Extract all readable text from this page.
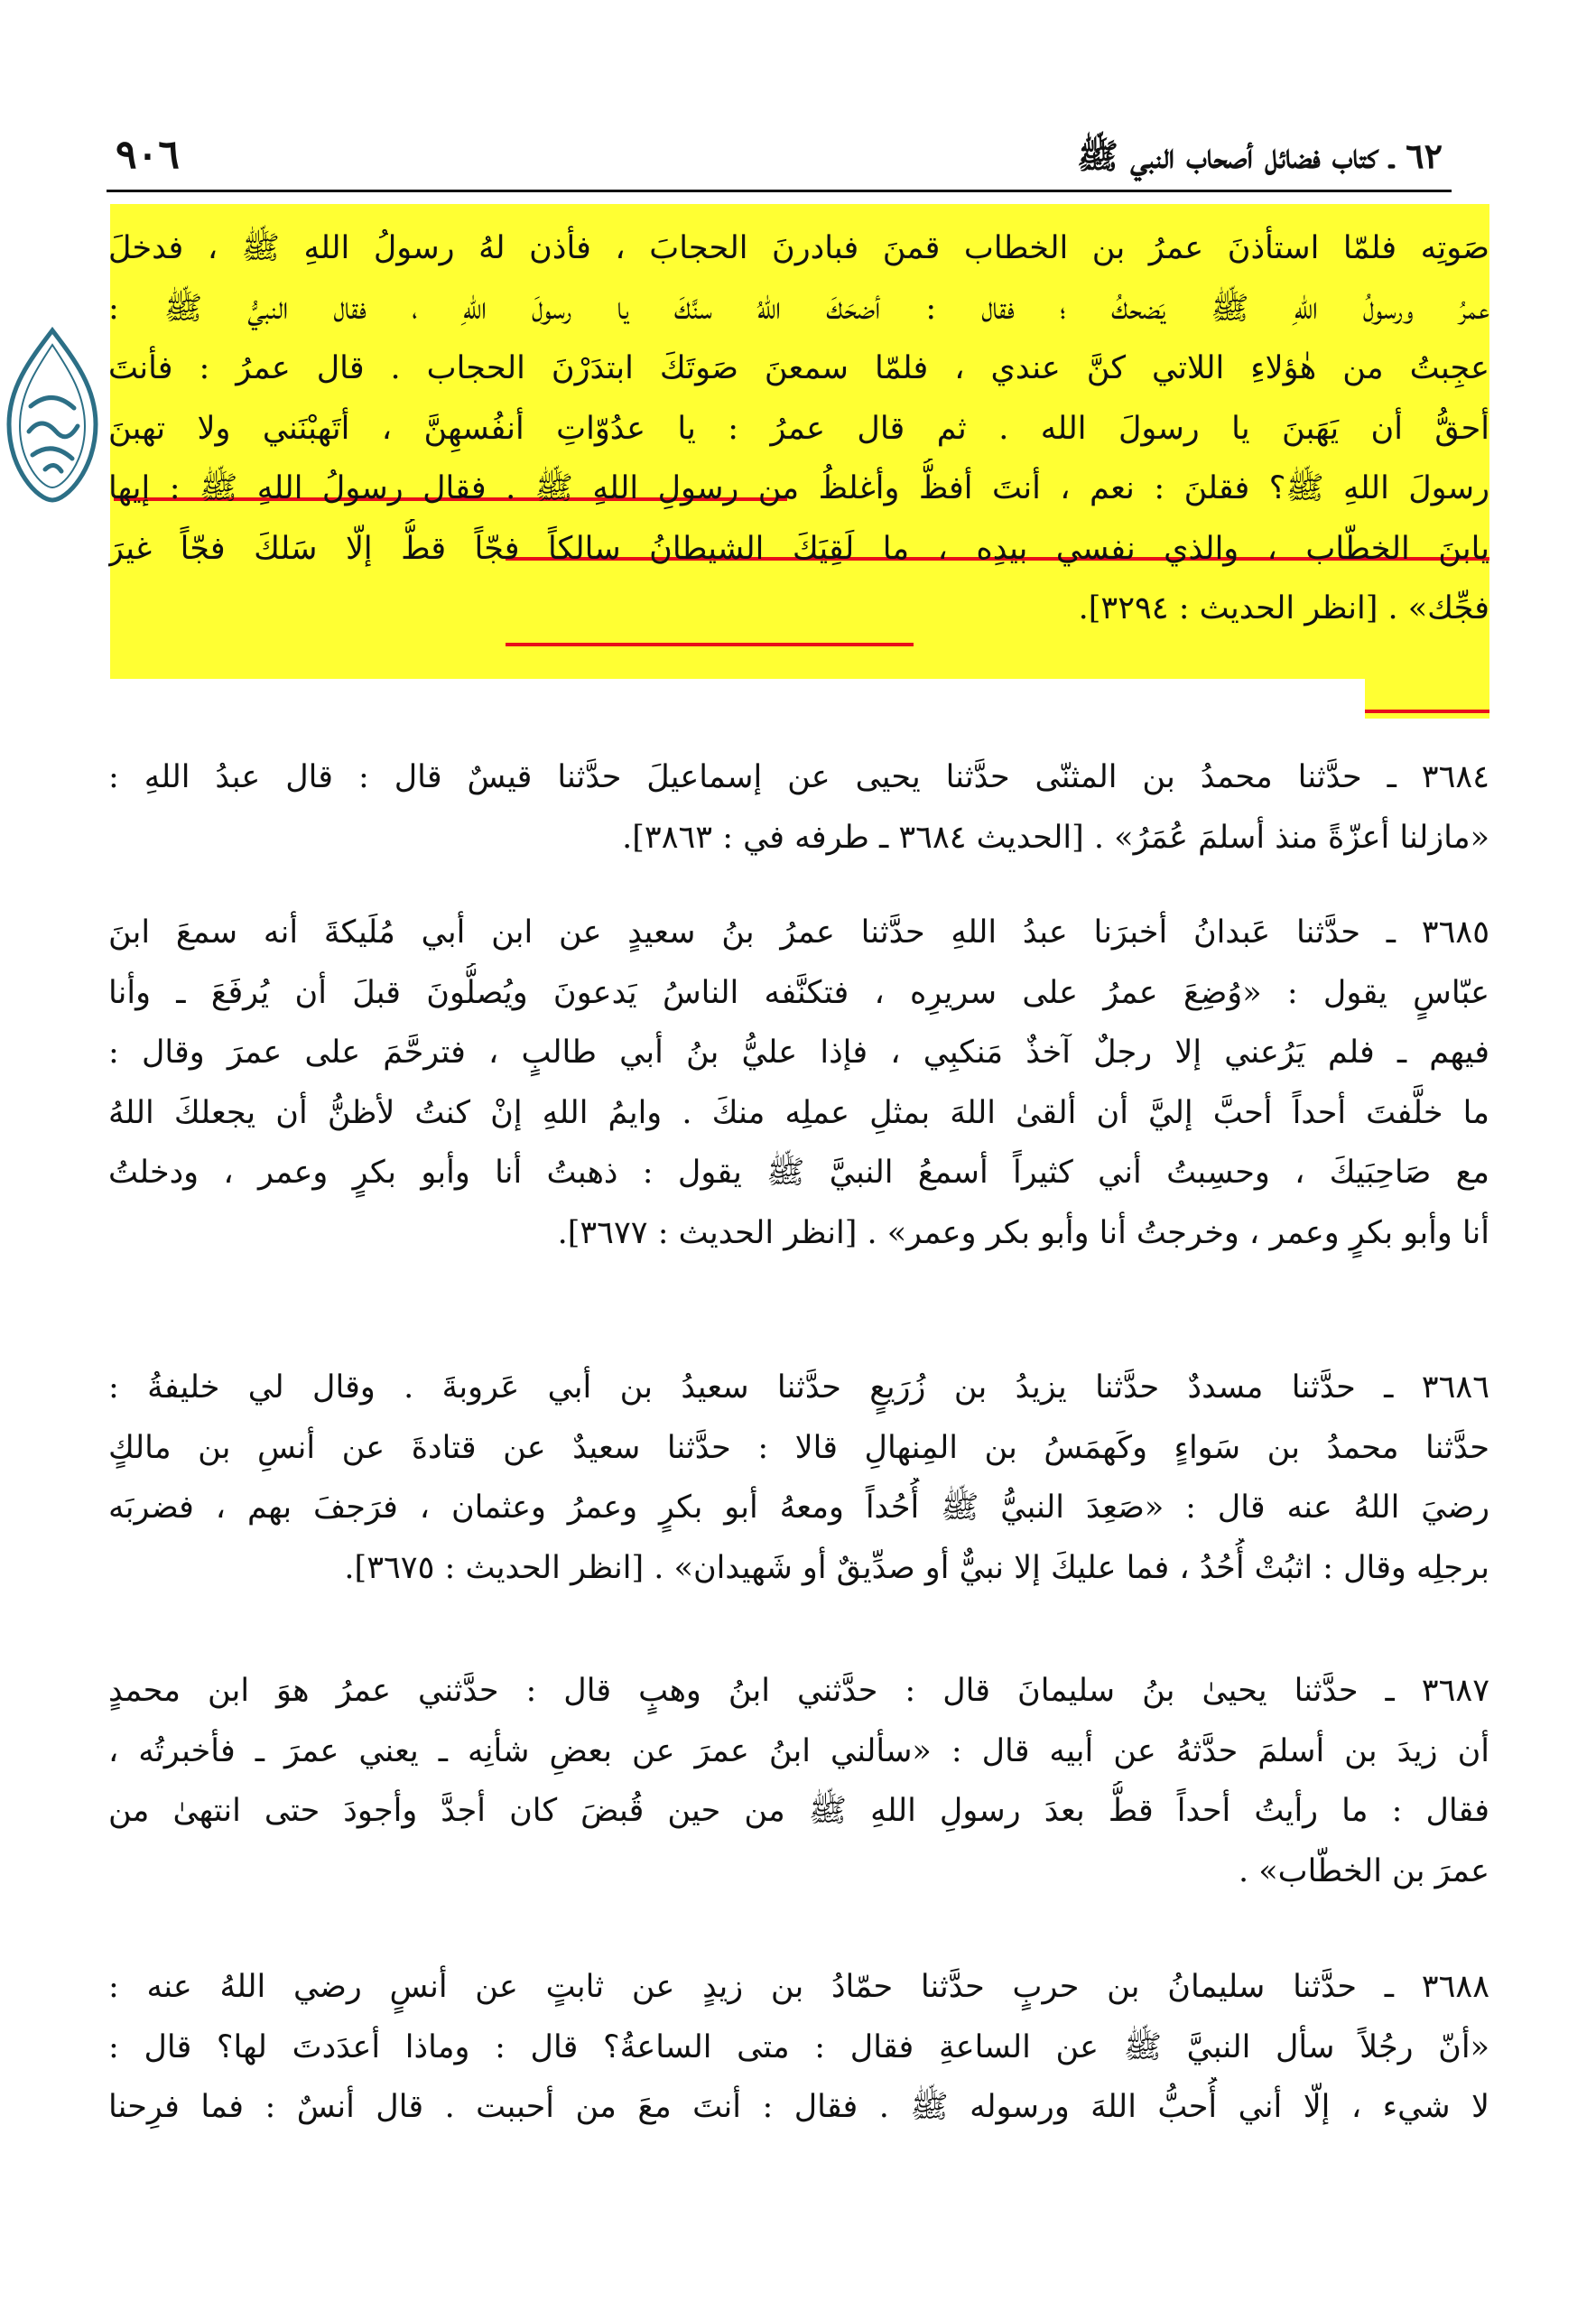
٩٠٦	٦٢ ـ كتاب فضائل أصحاب النبي ﷺ
صَوتِه فلمّا استأذنَ عمرُ بن الخطاب قمنَ فبادرنَ الحجابَ ، فأذن لهُ رسولُ اللهِ ﷺ ، فدخلَ
عمرُ ورسولُ اللهِ ﷺ يَضحكُ ؛ فقال : أضحَكَ اللهُ سنَّكَ يا رسولَ اللهِ ، فقال النبيُّ ﷺ :
عجِبتُ من هٰؤلاءِ اللاتي كنَّ عندي ، فلمّا سمعنَ صَوتَكَ ابتدَرْنَ الحجاب . قال عمرُ : فأنتَ
أحقُّ أن يَهَبنَ يا رسولَ الله . ثم قال عمرُ : يا عدُوّاتِ أنفُسهِنَّ ، أتَهبْنَني ولا تهبنَ
رسولَ اللهِ ﷺ؟ فقلنَ : نعم ، أنتَ أفظُّ وأغلظُ من رسولِ اللهِ ﷺ . فقال رسولُ اللهِ ﷺ : إيها
يابنَ الخطّاب ، والذي نفسي بيدِه ، ما لَقِيَكَ الشيطانُ سالكاً فجّاً قطُّ إلّا سَلكَ فجّاً غيرَ
فجِّك» . [انظر الحديث : ٣٢٩٤].
٣٦٨٤ ـ حدَّثنا محمدُ بن المثنّى حدَّثنا يحيى عن إسماعيلَ حدَّثنا قيسٌ قال : قال عبدُ اللهِ :
«مازلنا أعزّةً منذ أسلمَ عُمَرُ» . [الحديث ٣٦٨٤ ـ طرفه في : ٣٨٦٣].
٣٦٨٥ ـ حدَّثنا عَبدانُ أخبرَنا عبدُ اللهِ حدَّثنا عمرُ بنُ سعيدٍ عن ابن أبي مُلَيكةَ أنه سمعَ ابنَ
عبّاسٍ يقول : «وُضِعَ عمرُ على سريرِه ، فتكنَّفه الناسُ يَدعونَ ويُصلُّونَ قبلَ أن يُرفَعَ ـ وأنا
فيهم ـ فلم يَرُعني إلا رجلٌ آخذٌ مَنكبِي ، فإذا عليُّ بنُ أبي طالبٍ ، فترحَّمَ على عمرَ وقال :
ما خلَّفتَ أحداً أحبَّ إليَّ أن ألقىٰ اللهَ بمثلِ عملِه منكَ . وايمُ اللهِ إنْ كنتُ لأظنُّ أن يجعلكَ اللهُ
مع صَاحِبَيكَ ، وحسِبتُ أني كثيراً أسمعُ النبيَّ ﷺ يقول : ذهبتُ أنا وأبو بكرٍ وعمر ، ودخلتُ
أنا وأبو بكرٍ وعمر ، وخرجتُ أنا وأبو بكر وعمر» . [انظر الحديث : ٣٦٧٧].
٣٦٨٦ ـ حدَّثنا مسددٌ حدَّثنا يزيدُ بن زُرَيعٍ حدَّثنا سعيدُ بن أبي عَروبةَ . وقال لي خليفةُ :
حدَّثنا محمدُ بن سَواءٍ وكَهمَسُ بن المِنهالِ قالا : حدَّثنا سعيدٌ عن قتادةَ عن أنسِ بن مالكٍ
رضيَ اللهُ عنه قال : «صَعِدَ النبيُّ ﷺ أُحُداً ومعهُ أبو بكرٍ وعمرُ وعثمان ، فرَجفَ بهم ، فضربَه
برجلِه وقال : اثبُتْ أُحُدُ ، فما عليكَ إلا نبيٌّ أو صدِّيقٌ أو شَهيدان» . [انظر الحديث : ٣٦٧٥].
٣٦٨٧ ـ حدَّثنا يحيىٰ بنُ سليمانَ قال : حدَّثني ابنُ وهبٍ قال : حدَّثني عمرُ هوَ ابن محمدٍ
أن زيدَ بن أسلمَ حدَّثهُ عن أبيه قال : «سألني ابنُ عمرَ عن بعضِ شأنِه ـ يعني عمرَ ـ فأخبرتُه ،
فقال : ما رأيتُ أحداً قطُّ بعدَ رسولِ اللهِ ﷺ من حين قُبضَ كان أجدَّ وأجودَ حتى انتهىٰ من
عمرَ بن الخطّاب» .
٣٦٨٨ ـ حدَّثنا سليمانُ بن حربٍ حدَّثنا حمّادُ بن زيدٍ عن ثابتٍ عن أنسٍ رضي اللهُ عنه :
«أنّ رجُلاً سأل النبيَّ ﷺ عن الساعةِ فقال : متى الساعةُ؟ قال : وماذا أعدَدتَ لها؟ قال :
لا شيء ، إلّا أني أُحبُّ اللهَ ورسوله ﷺ . فقال : أنتَ معَ من أحببت . قال أنسٌ : فما فرِحنا
